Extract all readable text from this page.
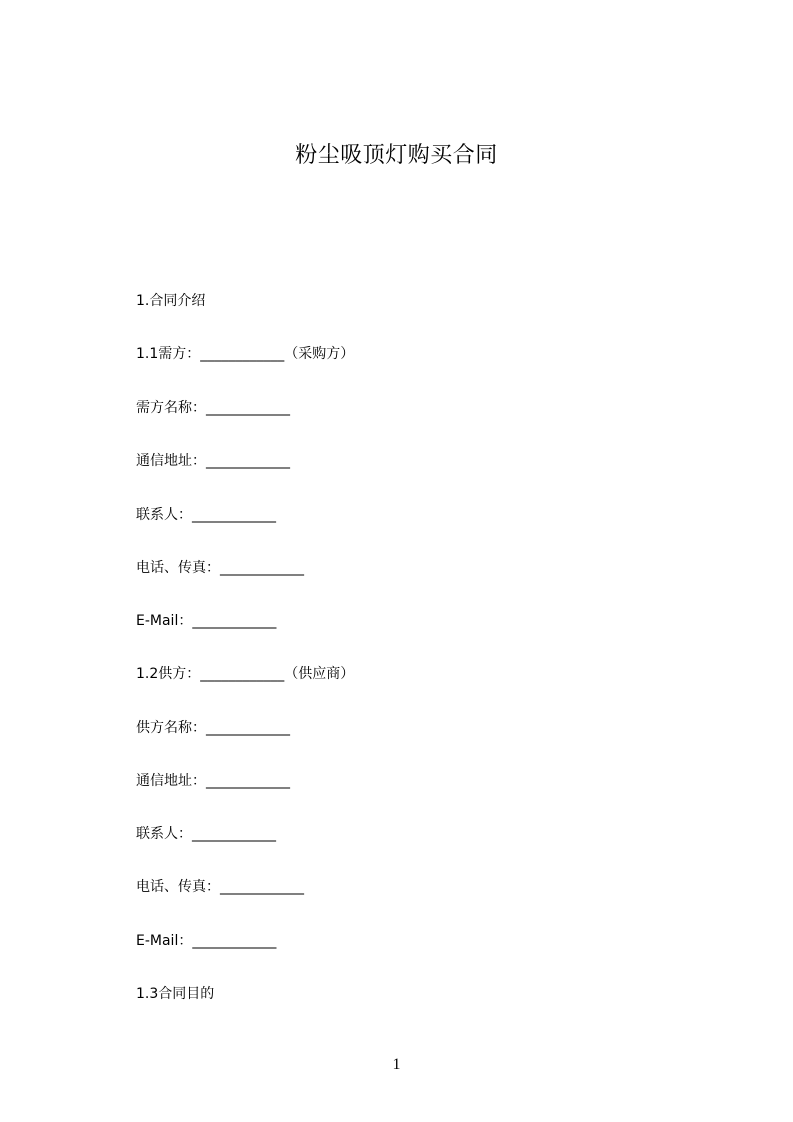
粉尘吸顶灯购买合同
1.合同介绍
1.1需方：____________（采购方）
需方名称：____________
通信地址：____________
联系人：____________
电话、传真：____________
E-Mail：____________
1.2供方：____________（供应商）
供方名称：____________
通信地址：____________
联系人：____________
电话、传真：____________
E-Mail：____________
1.3合同目的
1
